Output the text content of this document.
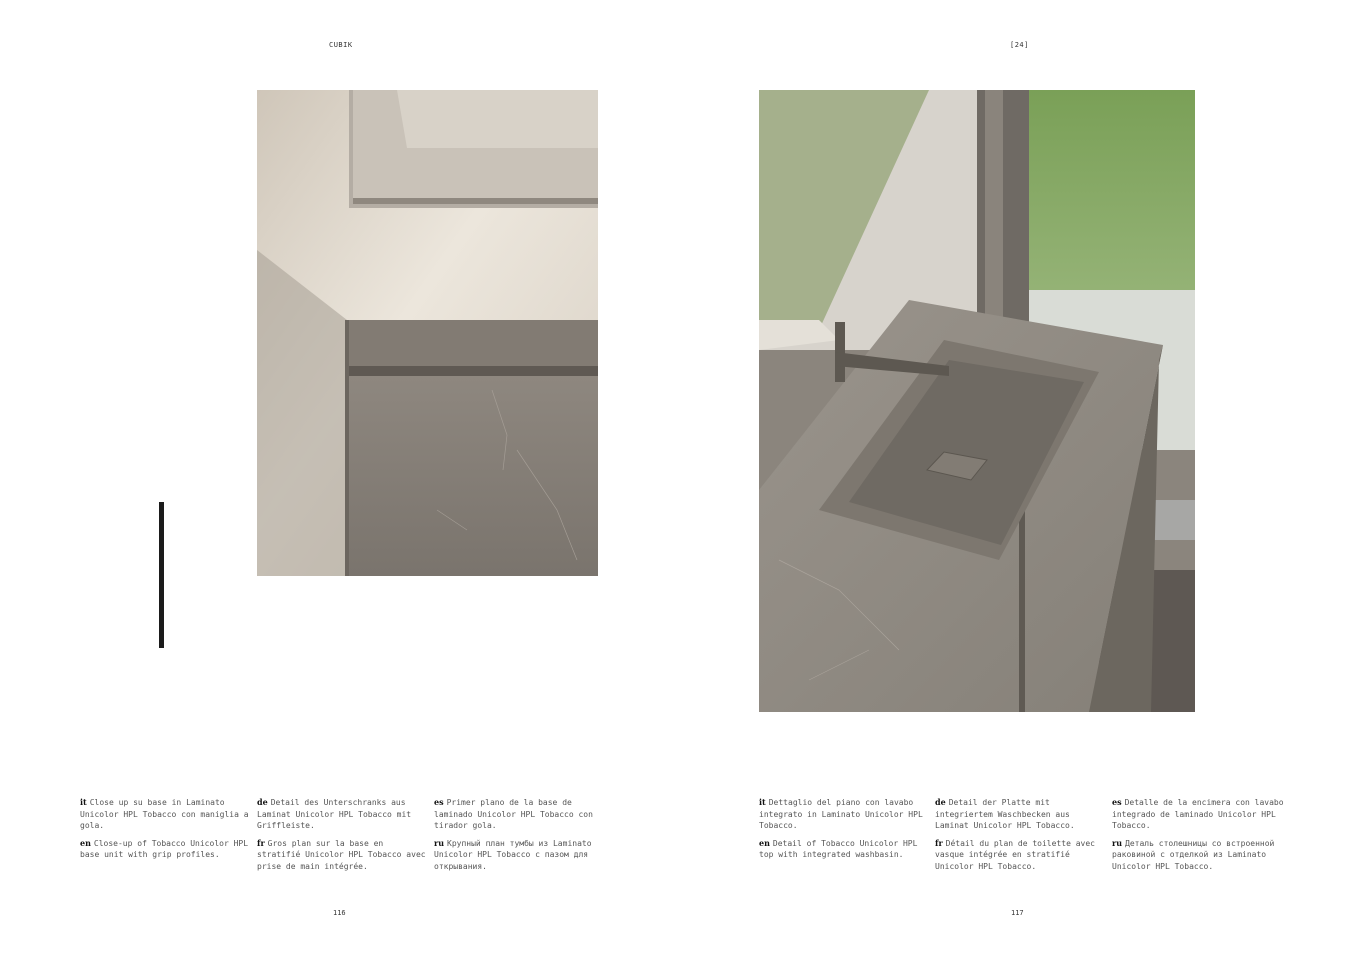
CUBIK	[24]

it Close up su base in Laminato Unicolor HPL Tobacco con maniglia a gola.

en Close-up of Tobacco Unicolor HPL base unit with grip profiles.

de Detail des Unterschranks aus Laminat Unicolor HPL Tobacco mit Griffleiste.

fr Gros plan sur la base en stratifié Unicolor HPL Tobacco avec prise de main intégrée.

es Primer plano de la base de laminado Unicolor HPL Tobacco con tirador gola.

ru Крупный план тумбы из Laminato Unicolor HPL Tobacco с пазом для открывания.

it Dettaglio del piano con lavabo integrato in Laminato Unicolor HPL Tobacco.

en Detail of Tobacco Unicolor HPL top with integrated washbasin.

de Detail der Platte mit integriertem Waschbecken aus Laminat Unicolor HPL Tobacco.

fr Détail du plan de toilette avec vasque intégrée en stratifié Unicolor HPL Tobacco.

es Detalle de la encimera con lavabo integrado de laminado Unicolor HPL Tobacco.

ru Деталь столешницы со встроенной раковиной с отделкой из Laminato Unicolor HPL Tobacco.

116	117
